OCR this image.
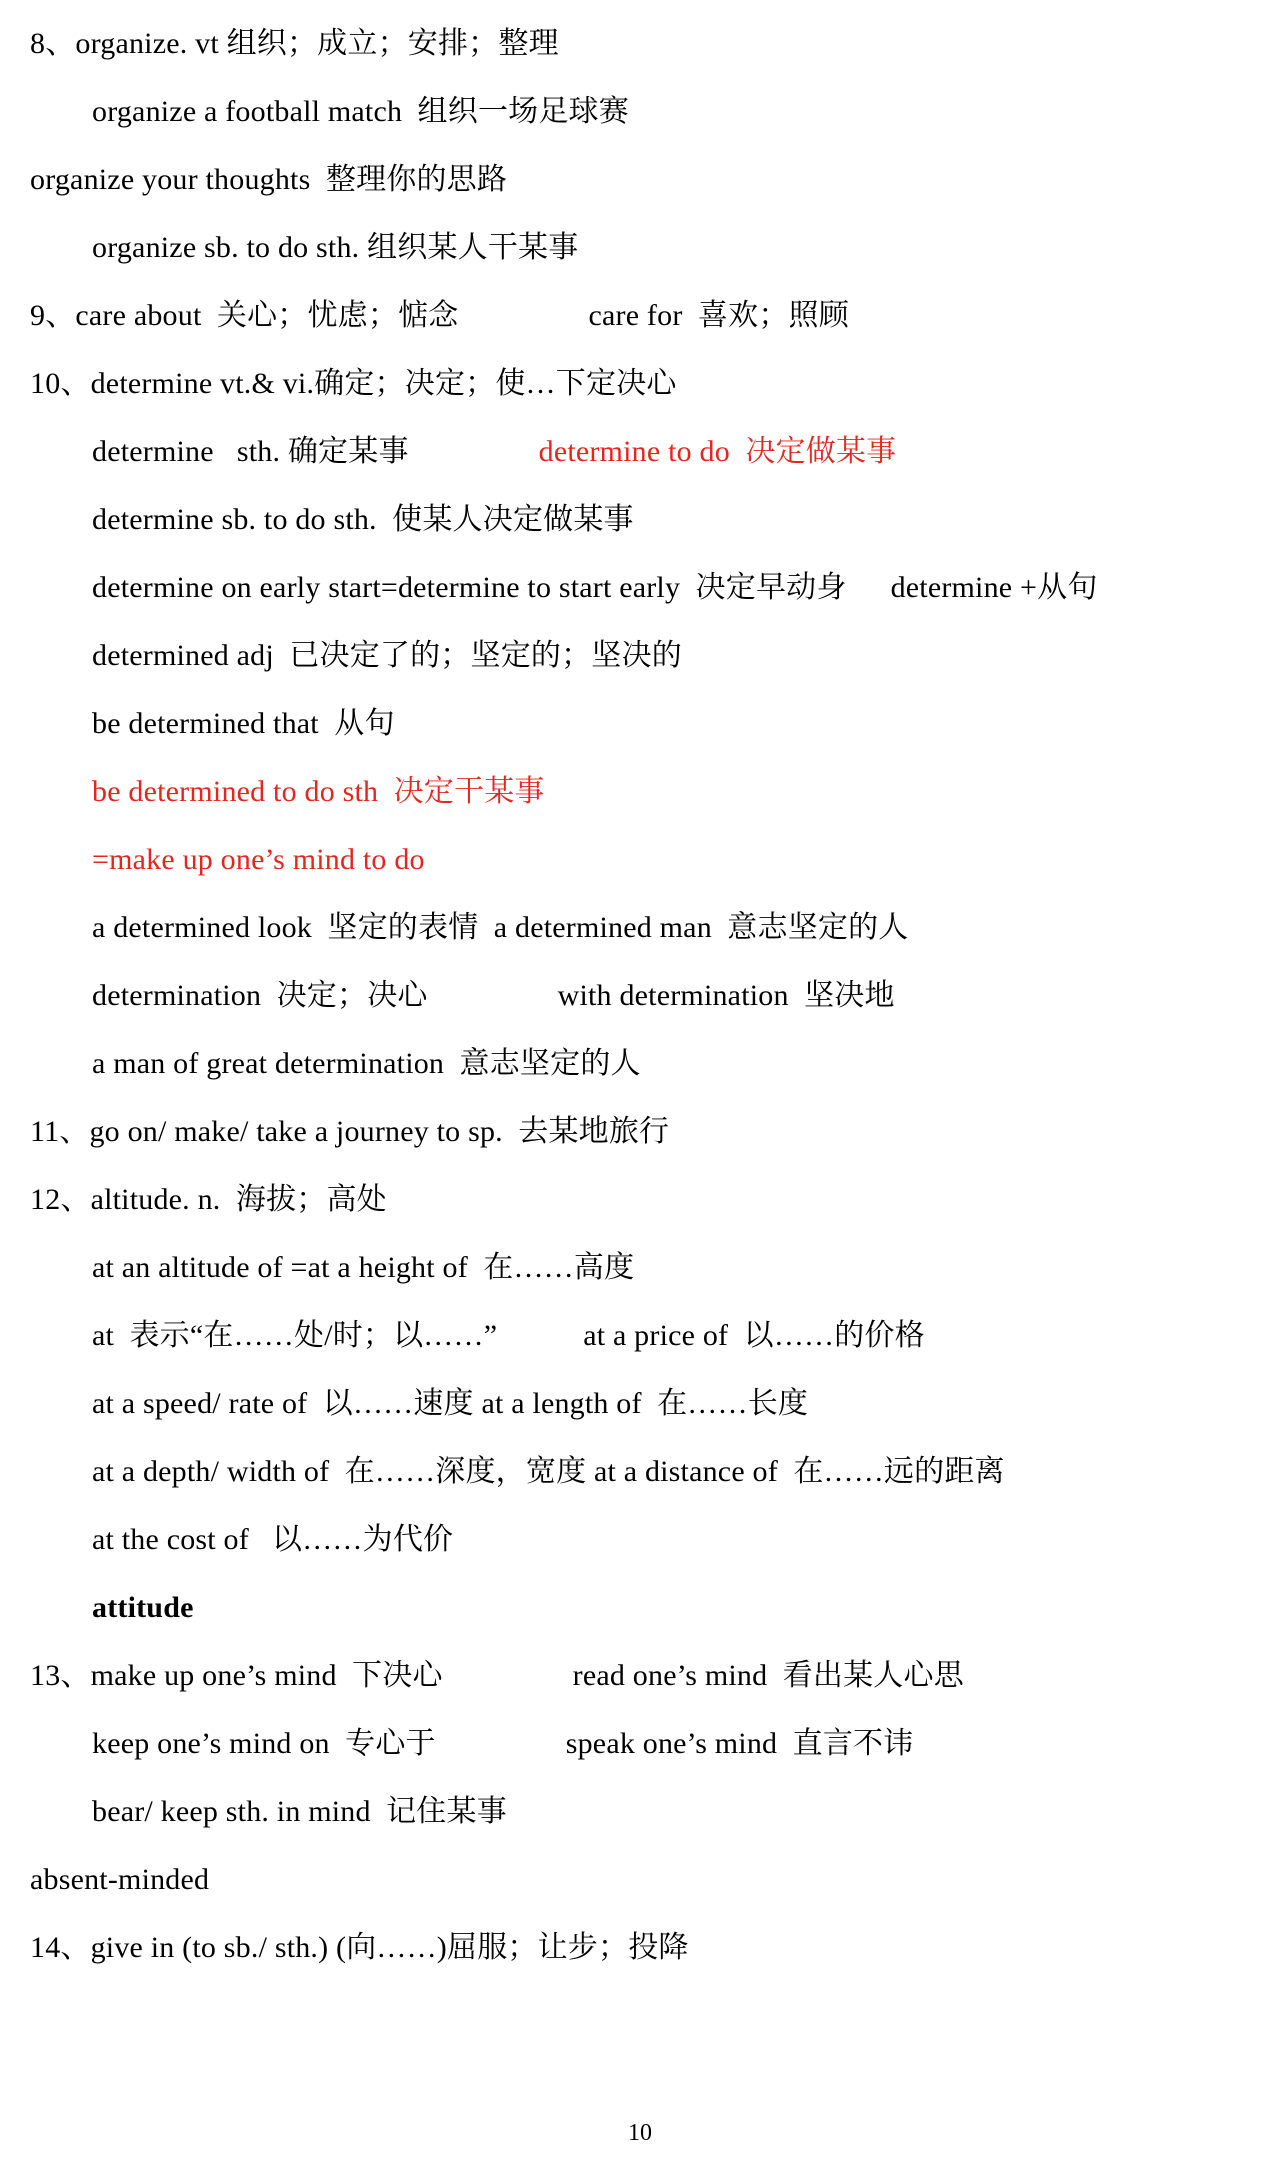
8、organize. vt 组织；成立；安排；整理
organize a football match  组织一场足球赛
organize your thoughts  整理你的思路
organize sb. to do sth. 组织某人干某事
9、care about  关心；忧虑；惦念	care for  喜欢；照顾
10、determine vt.& vi.确定；决定；使…下定决心
determine   sth. 确定某事	determine to do  决定做某事
determine sb. to do sth.  使某人决定做某事
determine on early start=determine to start early  决定早动身 determine +从句
determined adj  已决定了的；坚定的；坚决的
be determined that  从句
be determined to do sth  决定干某事
=make up one’s mind to do
a determined look  坚定的表情  a determined man  意志坚定的人
determination  决定；决心	with determination  坚决地
a man of great determination  意志坚定的人
11、go on/ make/ take a journey to sp.  去某地旅行
12、altitude. n.  海拔；高处
at an altitude of =at a height of  在……高度
at  表示“在……处/时；以……”	at a price of  以……的价格
at a speed/ rate of  以……速度 at a length of  在……长度
at a depth/ width of  在……深度，宽度 at a distance of  在……远的距离
at the cost of   以……为代价
attitude
13、make up one’s mind  下决心	read one’s mind  看出某人心思
keep one’s mind on  专心于	speak one’s mind  直言不讳
bear/ keep sth. in mind  记住某事
absent-minded
14、give in (to sb./ sth.) (向……)屈服；让步；投降
10
